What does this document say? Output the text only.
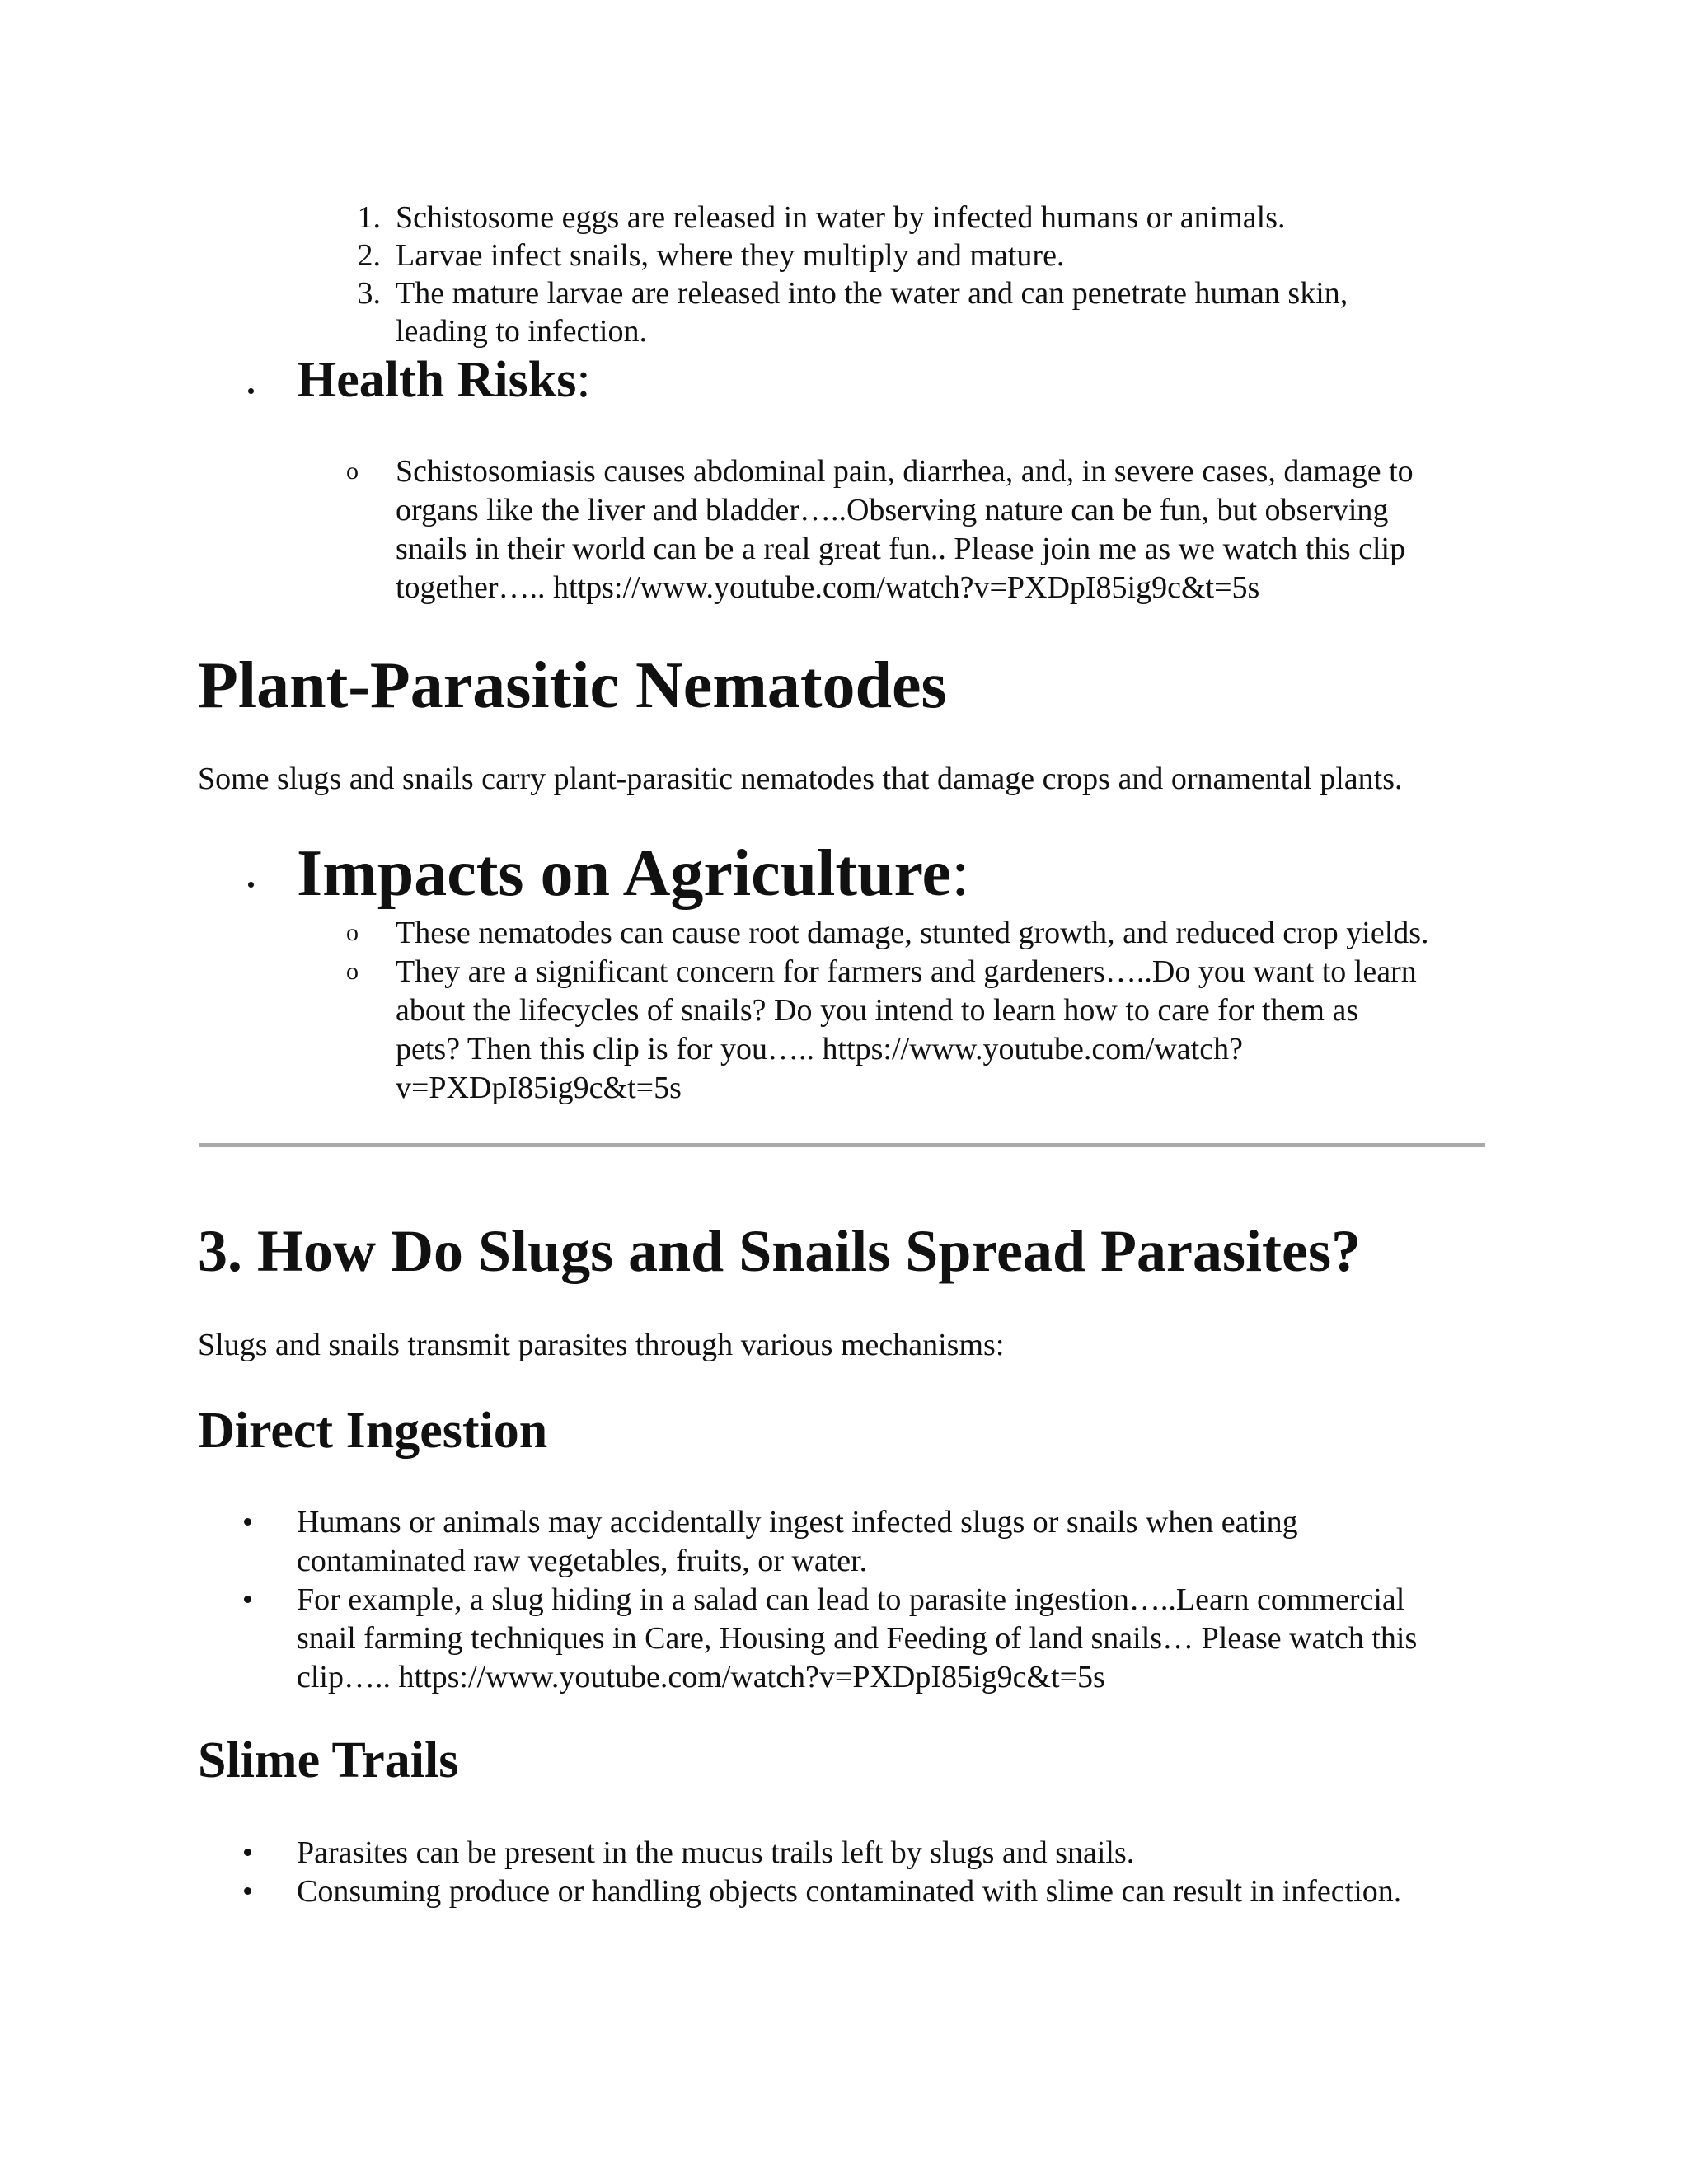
1. Schistosome eggs are released in water by infected humans or animals.
2. Larvae infect snails, where they multiply and mature.
3. The mature larvae are released into the water and can penetrate human skin,
leading to infection.
Health Risks:
o Schistosomiasis causes abdominal pain, diarrhea, and, in severe cases, damage to
organs like the liver and bladder…..Observing nature can be fun, but observing
snails in their world can be a real great fun.. Please join me as we watch this clip
together….. https://www.youtube.com/watch?v=PXDpI85ig9c&t=5s
Plant-Parasitic Nematodes
Some slugs and snails carry plant-parasitic nematodes that damage crops and ornamental plants.
Impacts on Agriculture:
o These nematodes can cause root damage, stunted growth, and reduced crop yields.
o They are a significant concern for farmers and gardeners…..Do you want to learn
about the lifecycles of snails? Do you intend to learn how to care for them as
pets? Then this clip is for you….. https://www.youtube.com/watch?
v=PXDpI85ig9c&t=5s
3. How Do Slugs and Snails Spread Parasites?
Slugs and snails transmit parasites through various mechanisms:
Direct Ingestion
Humans or animals may accidentally ingest infected slugs or snails when eating
contaminated raw vegetables, fruits, or water.
For example, a slug hiding in a salad can lead to parasite ingestion…..Learn commercial
snail farming techniques in Care, Housing and Feeding of land snails… Please watch this
clip….. https://www.youtube.com/watch?v=PXDpI85ig9c&t=5s
Slime Trails
Parasites can be present in the mucus trails left by slugs and snails.
Consuming produce or handling objects contaminated with slime can result in infection.
